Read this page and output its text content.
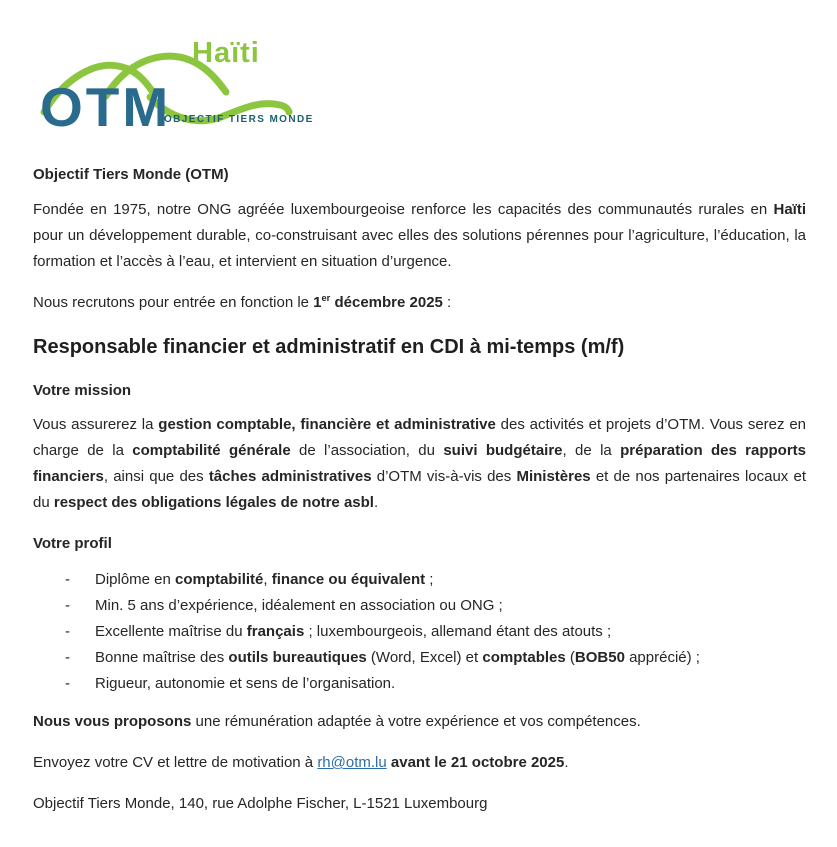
Haïti
OTM
OBJECTIF TIERS MONDE
Objectif Tiers Monde (OTM)

Fondée en 1975, notre ONG agréée luxembourgeoise renforce les capacités des communautés rurales en Haïti pour un développement durable, co-construisant avec elles des solutions pérennes pour l’agriculture, l’éducation, la formation et l’accès à l’eau, et intervient en situation d’urgence.

Nous recrutons pour entrée en fonction le 1er décembre 2025 :

Responsable financier et administratif en CDI à mi-temps (m/f)
Votre mission

Vous assurerez la gestion comptable, financière et administrative des activités et projets d’OTM. Vous serez en charge de la comptabilité générale de l’association, du suivi budgétaire, de la préparation des rapports financiers, ainsi que des tâches administratives d’OTM vis-à-vis des Ministères et de nos partenaires locaux et du respect des obligations légales de notre asbl.

Votre profil
- Diplôme en comptabilité, finance ou équivalent ;
- Min. 5 ans d’expérience, idéalement en association ou ONG ;
- Excellente maîtrise du français ; luxembourgeois, allemand étant des atouts ;
- Bonne maîtrise des outils bureautiques (Word, Excel) et comptables (BOB50 apprécié) ;
- Rigueur, autonomie et sens de l’organisation.

Nous vous proposons une rémunération adaptée à votre expérience et vos compétences.

Envoyez votre CV et lettre de motivation à rh@otm.lu avant le 21 octobre 2025.

Objectif Tiers Monde, 140, rue Adolphe Fischer, L-1521 Luxembourg
